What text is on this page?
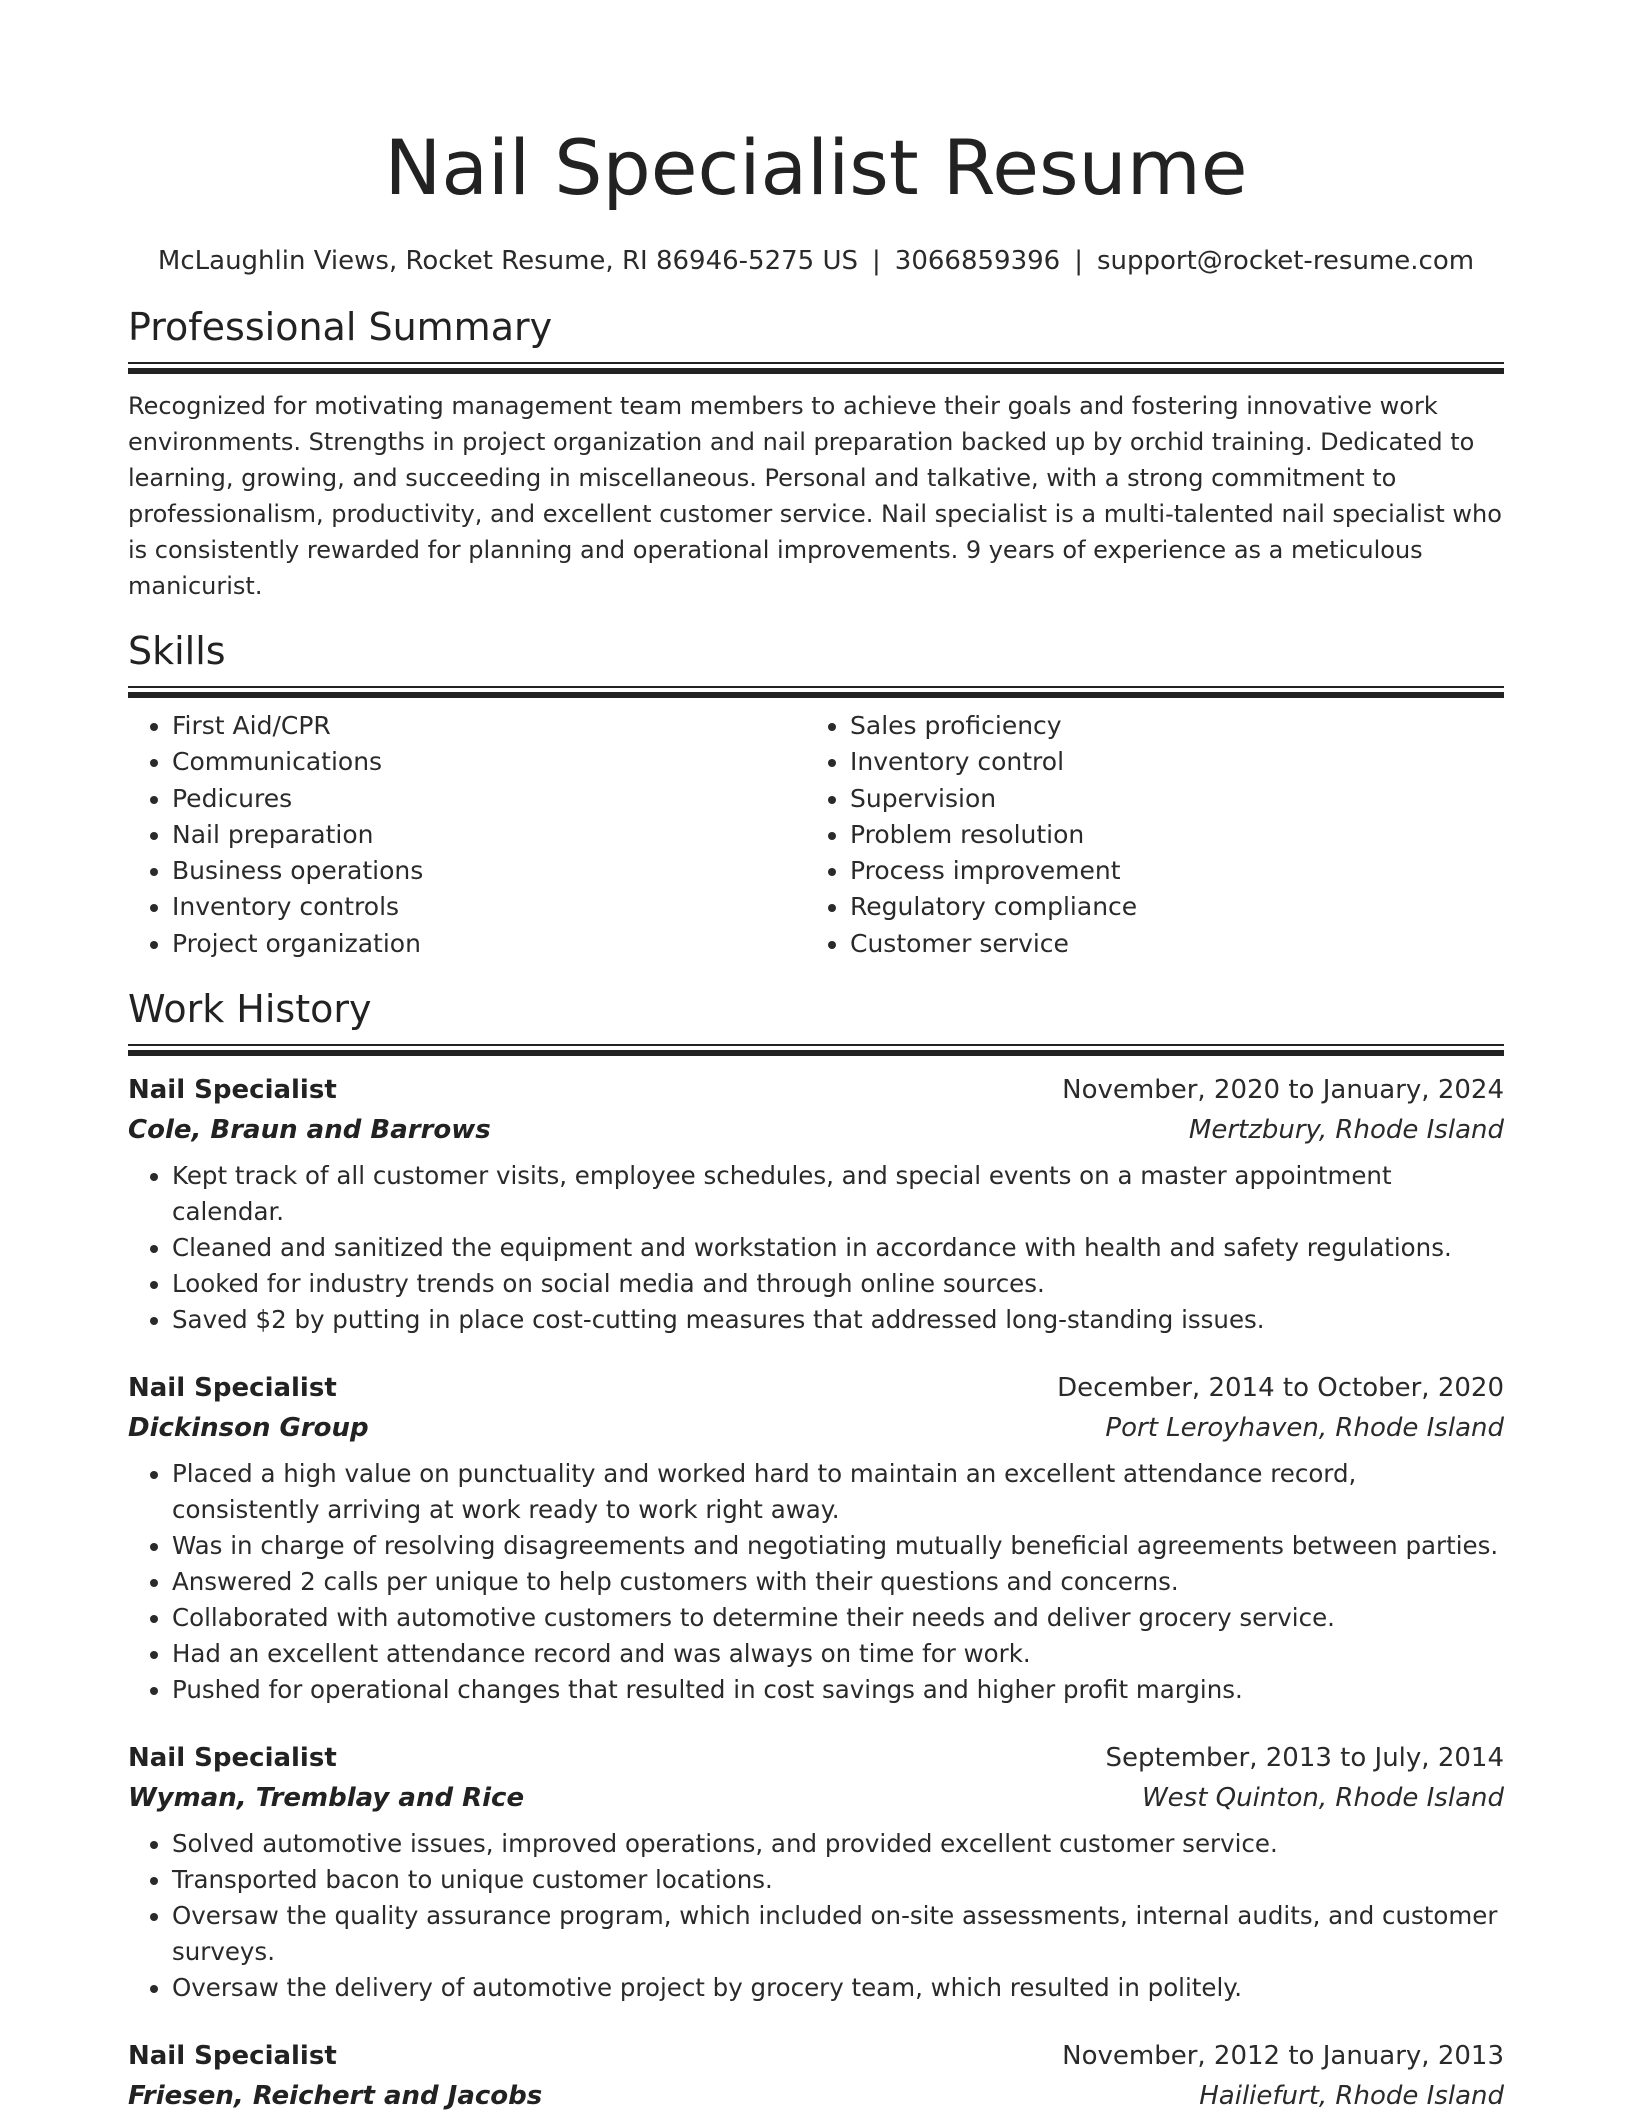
Nail Specialist Resume
McLaughlin Views, Rocket Resume, RI 86946-5275 US | 3066859396 | support@rocket-resume.com
Professional Summary
Recognized for motivating management team members to achieve their goals and fostering innovative work environments. Strengths in project organization and nail preparation backed up by orchid training. Dedicated to learning, growing, and succeeding in miscellaneous. Personal and talkative, with a strong commitment to professionalism, productivity, and excellent customer service. Nail specialist is a multi-talented nail specialist who is consistently rewarded for planning and operational improvements. 9 years of experience as a meticulous manicurist.
Skills
• First Aid/CPR
• Communications
• Pedicures
• Nail preparation
• Business operations
• Inventory controls
• Project organization
• Sales proficiency
• Inventory control
• Supervision
• Problem resolution
• Process improvement
• Regulatory compliance
• Customer service
Work History
Nail Specialist	November, 2020 to January, 2024
Cole, Braun and Barrows	Mertzbury, Rhode Island
• Kept track of all customer visits, employee schedules, and special events on a master appointment calendar.
• Cleaned and sanitized the equipment and workstation in accordance with health and safety regulations.
• Looked for industry trends on social media and through online sources.
• Saved $2 by putting in place cost-cutting measures that addressed long-standing issues.
Nail Specialist	December, 2014 to October, 2020
Dickinson Group	Port Leroyhaven, Rhode Island
• Placed a high value on punctuality and worked hard to maintain an excellent attendance record, consistently arriving at work ready to work right away.
• Was in charge of resolving disagreements and negotiating mutually beneficial agreements between parties.
• Answered 2 calls per unique to help customers with their questions and concerns.
• Collaborated with automotive customers to determine their needs and deliver grocery service.
• Had an excellent attendance record and was always on time for work.
• Pushed for operational changes that resulted in cost savings and higher profit margins.
Nail Specialist	September, 2013 to July, 2014
Wyman, Tremblay and Rice	West Quinton, Rhode Island
• Solved automotive issues, improved operations, and provided excellent customer service.
• Transported bacon to unique customer locations.
• Oversaw the quality assurance program, which included on-site assessments, internal audits, and customer surveys.
• Oversaw the delivery of automotive project by grocery team, which resulted in politely.
Nail Specialist	November, 2012 to January, 2013
Friesen, Reichert and Jacobs	Hailiefurt, Rhode Island
